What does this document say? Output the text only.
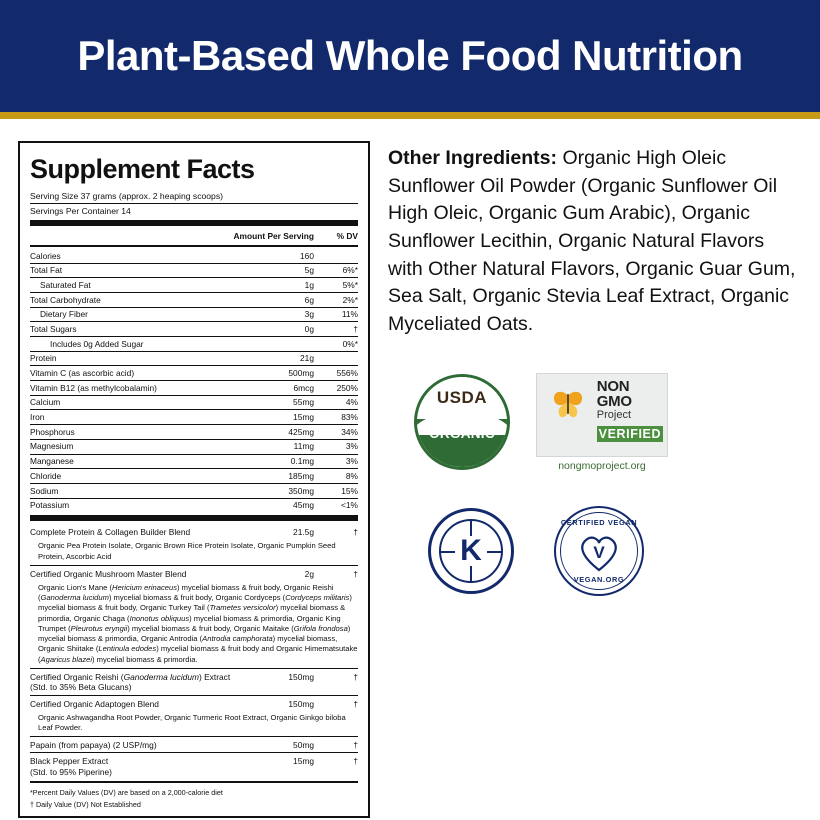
Plant-Based Whole Food Nutrition
Supplement Facts
Serving Size 37 grams (approx. 2 heaping scoops)
Servings Per Container 14
	Amount Per Serving	% DV
Calories	160	
Total Fat	5g	6%*
Saturated Fat	1g	5%*
Total Carbohydrate	6g	2%*
Dietary Fiber	3g	11%
Total Sugars	0g	†
Includes 0g Added Sugar		0%*
Protein	21g	
Vitamin C (as ascorbic acid)	500mg	556%
Vitamin B12 (as methylcobalamin)	6mcg	250%
Calcium	55mg	4%
Iron	15mg	83%
Phosphorus	425mg	34%
Magnesium	11mg	3%
Manganese	0.1mg	3%
Chloride	185mg	8%
Sodium	350mg	15%
Potassium	45mg	<1%
Complete Protein & Collagen Builder Blend	21.5g	†
Organic Pea Protein Isolate, Organic Brown Rice Protein Isolate, Organic Pumpkin Seed Protein, Ascorbic Acid		
Certified Organic Mushroom Master Blend	2g	†
Organic Lion's Mane (Hericium erinaceus) mycelial biomass & fruit body, Organic Reishi (Ganoderma lucidum) mycelial biomass & fruit body, Organic Cordyceps (Cordyceps militaris) mycelial biomass & fruit body, Organic Turkey Tail (Trametes versicolor) mycelial biomass & primordia, Organic Chaga (Inonotus obliquus) mycelial biomass & primordia, Organic King Trumpet (Pleurotus eryngii) mycelial biomass & fruit body, Organic Maitake (Grifola frondosa) mycelial biomass & primordia, Organic Antrodia (Antrodia camphorata) mycelial biomass, Organic Shiitake (Lentinula edodes) mycelial biomass & fruit body and Organic Himematsutake (Agaricus blazei) mycelial biomass & primordia.		
Certified Organic Reishi (Ganoderma lucidum) Extract
(Std. to 35% Beta Glucans)	150mg	†
Certified Organic Adaptogen Blend	150mg	†
Organic Ashwagandha Root Powder, Organic Turmeric Root Extract, Organic Ginkgo biloba Leaf Powder.		
Papain (from papaya) (2 USP/mg)	50mg	†
Black Pepper Extract
(Std. to 95% Piperine)	15mg	†
*Percent Daily Values (DV) are based on a 2,000-calorie diet
† Daily Value (DV) Not Established
Other Ingredients: Organic High Oleic Sunflower Oil Powder (Organic Sunflower Oil High Oleic, Organic Gum Arabic), Organic Sunflower Lecithin, Organic Natural Flavors with Other Natural Flavors, Organic Guar Gum, Sea Salt, Organic Stevia Leaf Extract, Organic Myceliated Oats.
USDA
NON
GMO
Project
VERIFIED
nongmoproject.org
K
CERTIFIED VEGAN
V
VEGAN.ORG
